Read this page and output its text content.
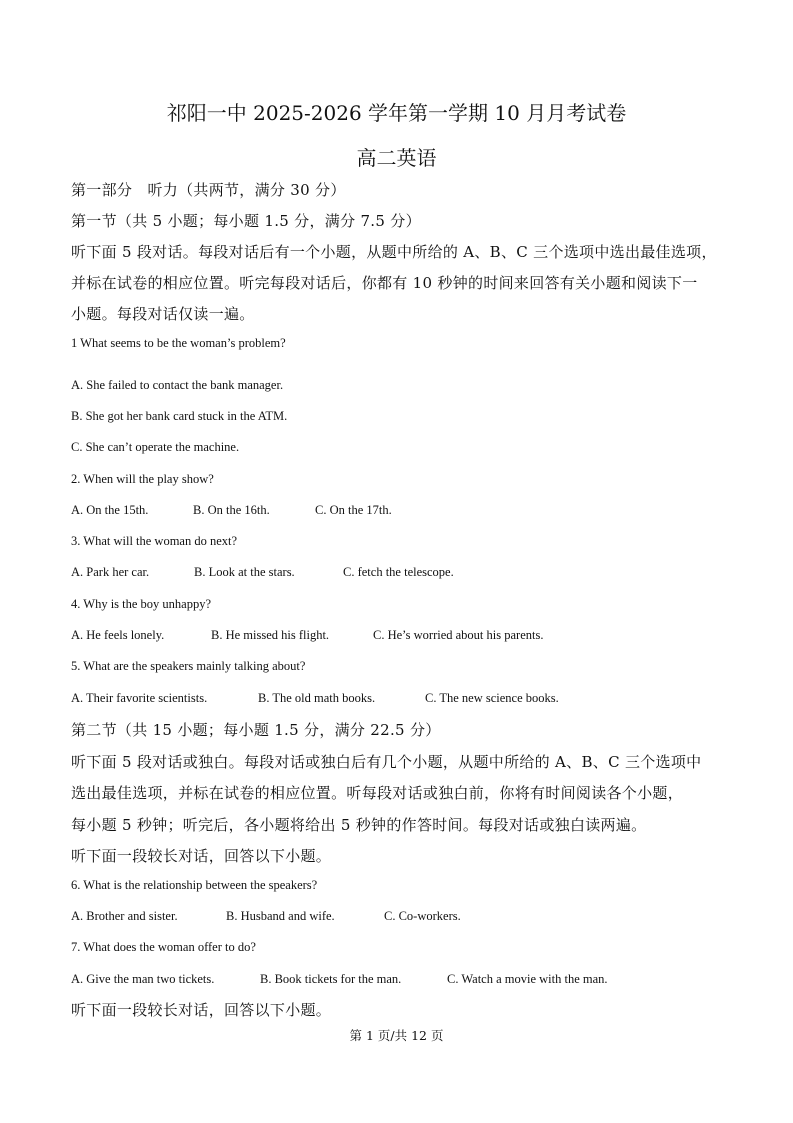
祁阳一中 2025-2026 学年第一学期 10 月月考试卷
高二英语
第一部分　听力（共两节，满分 30 分）
第一节（共 5 小题；每小题 1.5 分，满分 7.5 分）
听下面 5 段对话。每段对话后有一个小题，从题中所给的 A、B、C 三个选项中选出最佳选项，
并标在试卷的相应位置。听完每段对话后，你都有 10 秒钟的时间来回答有关小题和阅读下一
小题。每段对话仅读一遍。
1 What seems to be the woman’s problem?
A. She failed to contact the bank manager.
B. She got her bank card stuck in the ATM.
C. She can’t operate the machine.
2. When will the play show?
A. On the 15th.	B. On the 16th.	C. On the 17th.
3. What will the woman do next?
A. Park her car.	B. Look at the stars.	C. fetch the telescope.
4. Why is the boy unhappy?
A. He feels lonely.	B. He missed his flight.	C. He’s worried about his parents.
5. What are the speakers mainly talking about?
A. Their favorite scientists.	B. The old math books.	C. The new science books.
第二节（共 15 小题；每小题 1.5 分，满分 22.5 分）
听下面 5 段对话或独白。每段对话或独白后有几个小题，从题中所给的 A、B、C 三个选项中
选出最佳选项，并标在试卷的相应位置。听每段对话或独白前，你将有时间阅读各个小题，
每小题 5 秒钟；听完后，各小题将给出 5 秒钟的作答时间。每段对话或独白读两遍。
听下面一段较长对话，回答以下小题。
6. What is the relationship between the speakers?
A. Brother and sister.	B. Husband and wife.	C. Co-workers.
7. What does the woman offer to do?
A. Give the man two tickets.	B. Book tickets for the man.	C. Watch a movie with the man.
听下面一段较长对话，回答以下小题。
第 1 页/共 12 页
